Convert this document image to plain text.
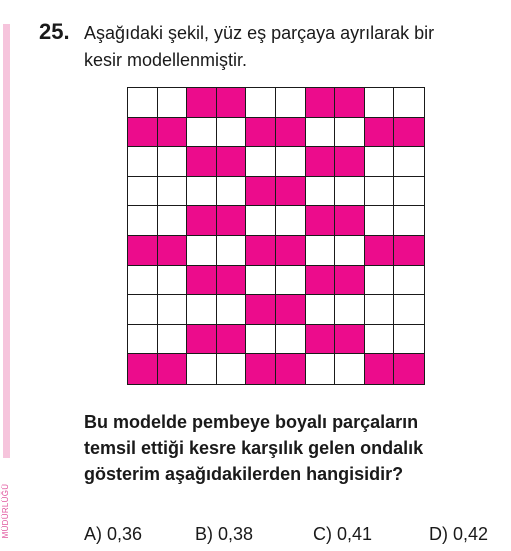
MÜDÜRLÜĞÜ
25. Aşağıdaki şekil, yüz eş parçaya ayrılarak bir
kesir modellenmiştir.
Bu modelde pembeye boyalı parçaların
temsil ettiği kesre karşılık gelen ondalık
gösterim aşağıdakilerden hangisidir?
A) 0,36	B) 0,38	C) 0,41	D) 0,42
